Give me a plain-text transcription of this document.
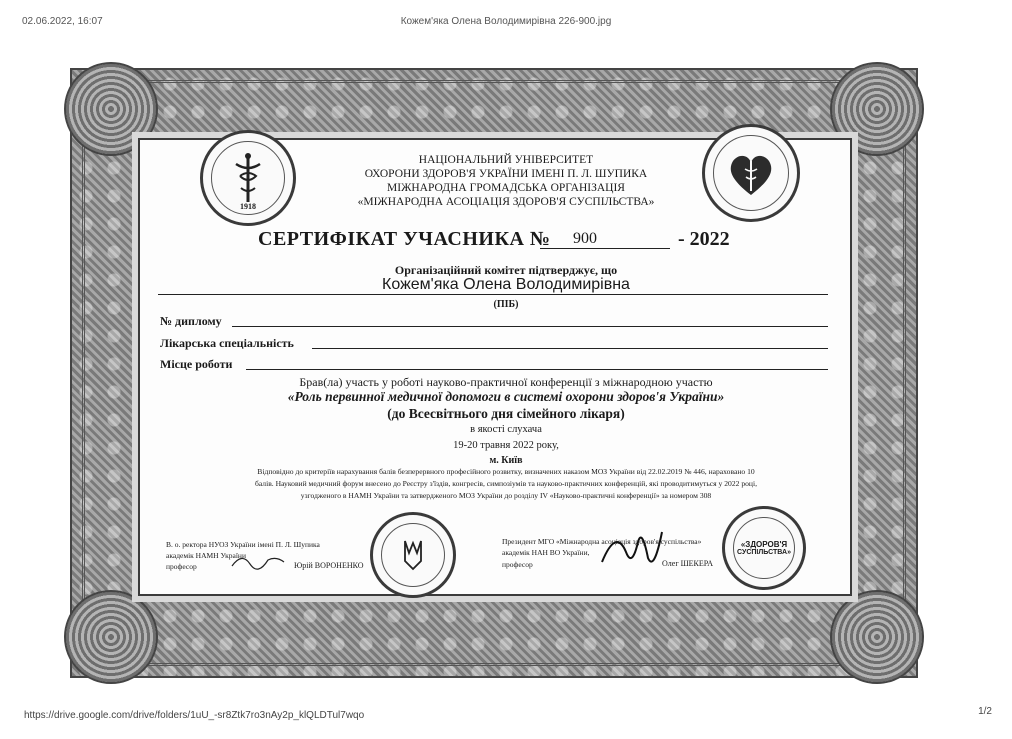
02.06.2022, 16:07	Кожем'яка Олена Володимирівна 226-900.jpg
1918
НАЦІОНАЛЬНИЙ УНІВЕРСИТЕТ
ОХОРОНИ ЗДОРОВ'Я УКРАЇНИ ІМЕНІ П. Л. ШУПИКА
МІЖНАРОДНА ГРОМАДСЬКА ОРГАНІЗАЦІЯ
«МІЖНАРОДНА АСОЦІАЦІЯ ЗДОРОВ'Я СУСПІЛЬСТВА»
СЕРТИФІКАТ УЧАСНИКА №	900	- 2022
Організаційний комітет підтверджує, що
Кожем'яка Олена Володимирівна
(ПІБ)
№ диплому
Лікарська спеціальність
Місце роботи
Брав(ла) участь у роботі науково-практичної конференції з міжнародною участю
«Роль первинної медичної допомоги в системі охорони здоров'я України»
(до Всесвітнього дня сімейного лікаря)
в якості слухача
19-20 травня 2022 року,
м. Київ
Відповідно до критеріїв нарахування балів безперервного професійного розвитку, визначених наказом МОЗ України від 22.02.2019 № 446, нараховано 10
балів. Науковий медичний форум внесено до Реєстру з'їздів, конгресів, симпозіумів та науково-практичних конференцій, які проводитимуться у 2022 році,
узгодженого в НАМН України та затвердженого МОЗ України до розділу IV «Науково-практичні конференції» за номером 308
В. о. ректора НУОЗ України імені П. Л. Шупика
академік НАМН України
професор	Юрій ВОРОНЕНКО
Президент МГО «Міжнародна асоціація здоров'я суспільства»
академік НАН ВО України,
професор	Олег ШЕКЕРА
«ЗДОРОВ'Я
СУСПІЛЬСТВА»
https://drive.google.com/drive/folders/1uU_-sr8Ztk7ro3nAy2p_klQLDTul7wqo	1/2
